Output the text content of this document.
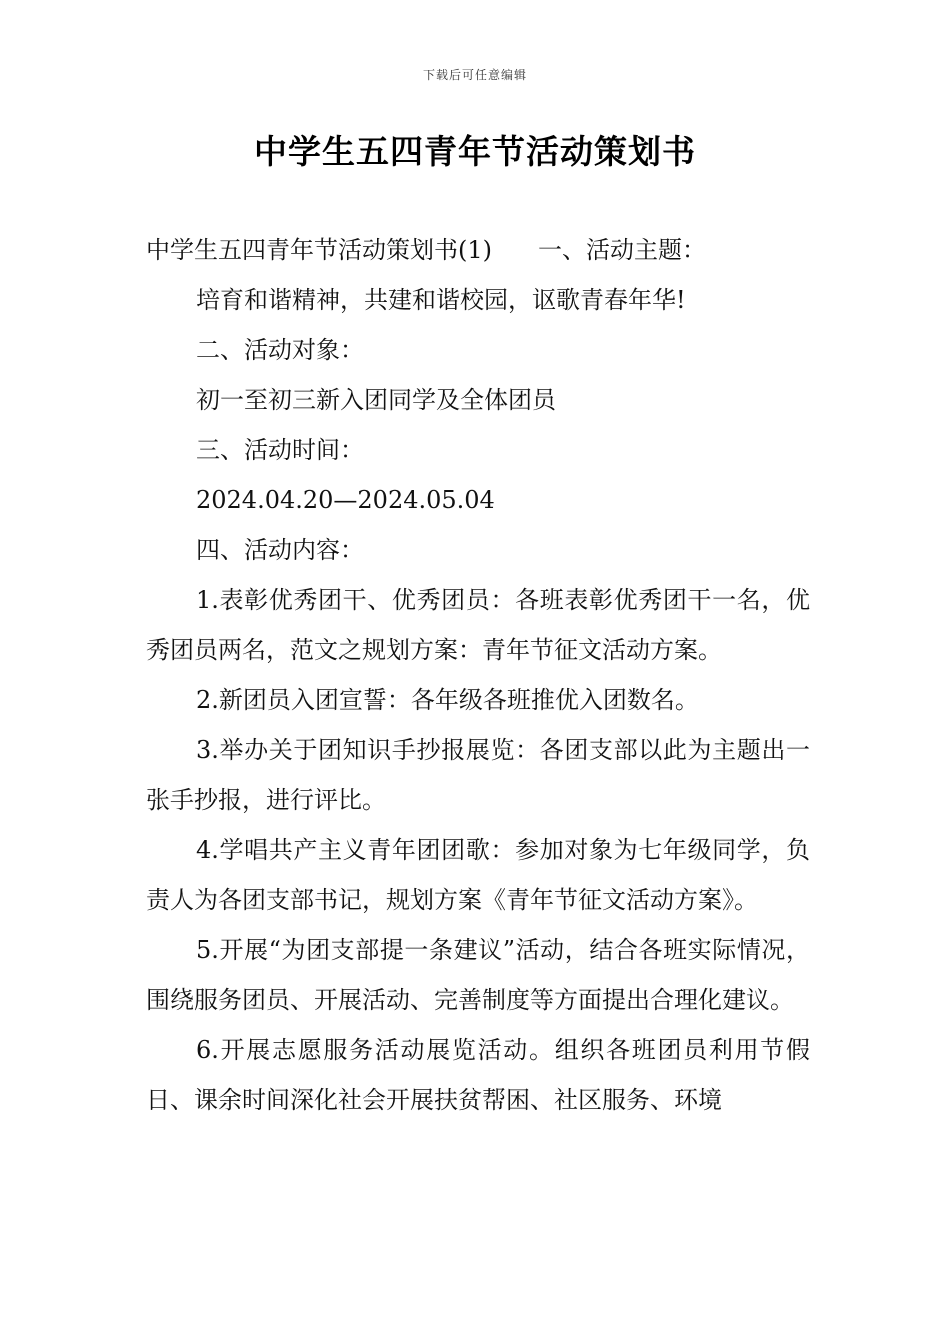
下载后可任意编辑
中学生五四青年节活动策划书

中学生五四青年节活动策划书(1) 一、活动主题：

培育和谐精神，共建和谐校园，讴歌青春年华!

二、活动对象：

初一至初三新入团同学及全体团员

三、活动时间：

2024.04.20—2024.05.04

四、活动内容：

1.表彰优秀团干、优秀团员：各班表彰优秀团干一名，优秀团员两名，范文之规划方案：青年节征文活动方案。

2.新团员入团宣誓：各年级各班推优入团数名。

3.举办关于团知识手抄报展览：各团支部以此为主题出一张手抄报，进行评比。

4.学唱共产主义青年团团歌：参加对象为七年级同学，负责人为各团支部书记，规划方案《青年节征文活动方案》。

5.开展“为团支部提一条建议”活动，结合各班实际情况，围绕服务团员、开展活动、完善制度等方面提出合理化建议。

6.开展志愿服务活动展览活动。组织各班团员利用节假日、课余时间深化社会开展扶贫帮困、社区服务、环境
